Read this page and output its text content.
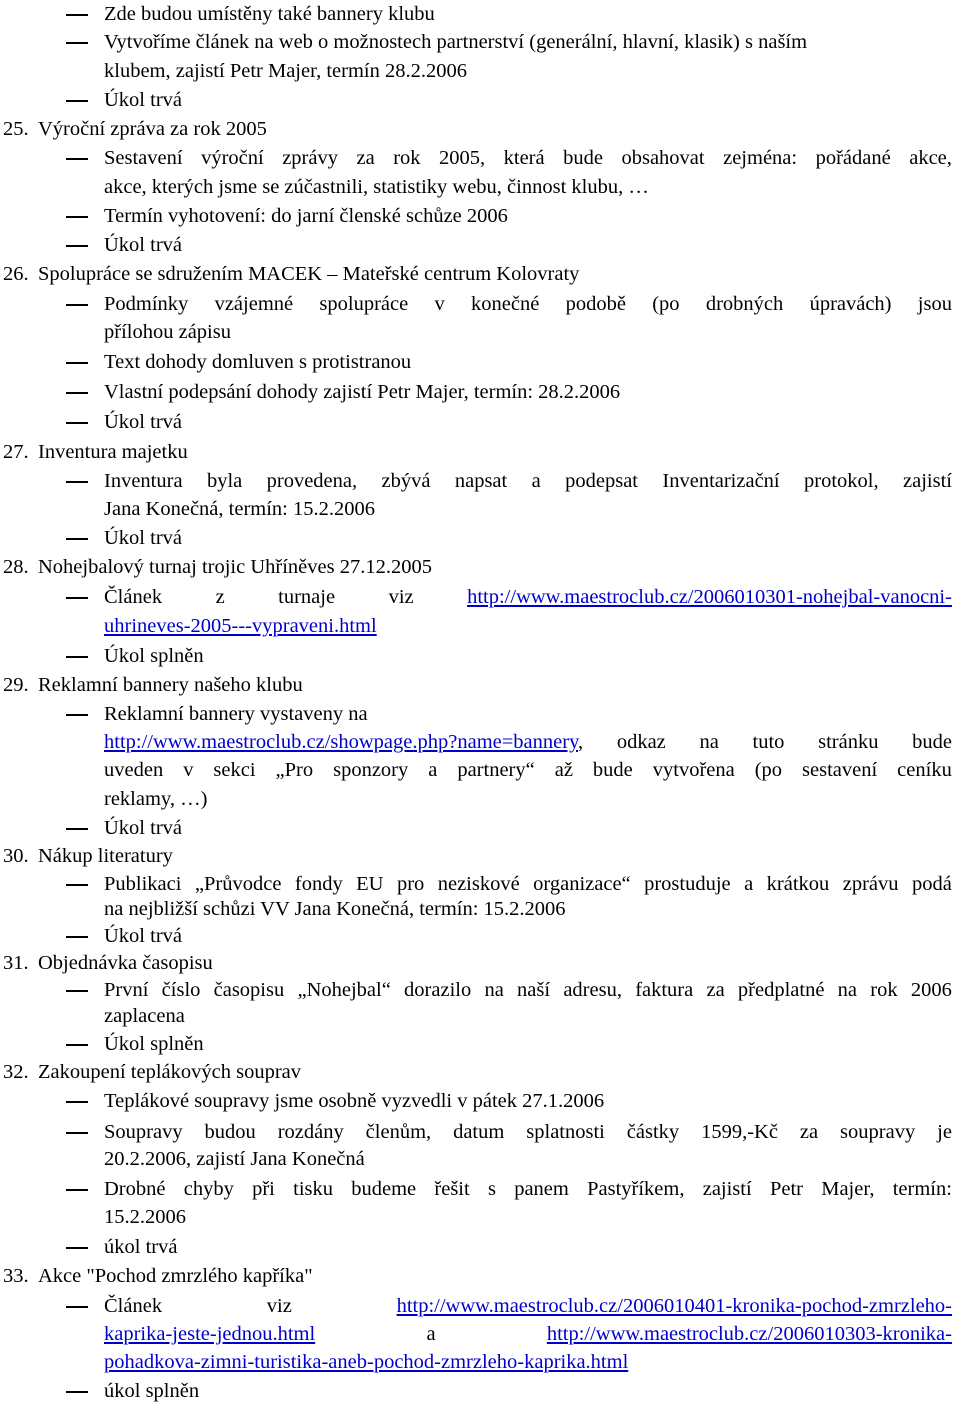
Zde budou umístěny také bannery klubu
Vytvoříme článek na web o možnostech partnerství (generální, hlavní, klasik) s naším
klubem, zajistí Petr Majer, termín 28.2.2006
Úkol trvá
25. Výroční zpráva za rok 2005
Sestavení výroční zprávy za rok 2005, která bude obsahovat zejména: pořádané akce,
akce, kterých jsme se zúčastnili, statistiky webu, činnost klubu, …
Termín vyhotovení: do jarní členské schůze 2006
Úkol trvá
26. Spolupráce se sdružením MACEK – Mateřské centrum Kolovraty
Podmínky vzájemné spolupráce v konečné podobě (po drobných úpravách) jsou
přílohou zápisu
Text dohody domluven s protistranou
Vlastní podepsání dohody zajistí Petr Majer, termín: 28.2.2006
Úkol trvá
27. Inventura majetku
Inventura byla provedena, zbývá napsat a podepsat Inventarizační protokol, zajistí
Jana Konečná, termín: 15.2.2006
Úkol trvá
28. Nohejbalový turnaj trojic Uhříněves 27.12.2005
Článek	z	turnaje	viz	http://www.maestroclub.cz/2006010301-nohejbal-vanocni-
uhrineves-2005---vypraveni.html
Úkol splněn
29. Reklamní bannery našeho klubu
Reklamní bannery vystaveny na
http://www.maestroclub.cz/showpage.php?name=bannery, odkaz na tuto stránku bude
uveden v sekci „Pro sponzory a partnery“ až bude vytvořena (po sestavení ceníku
reklamy, …)
Úkol trvá
30. Nákup literatury
Publikaci „Průvodce fondy EU pro neziskové organizace“ prostuduje a krátkou zprávu podá
na nejbližší schůzi VV Jana Konečná, termín: 15.2.2006
Úkol trvá
31. Objednávka časopisu
První číslo časopisu „Nohejbal“ dorazilo na naší adresu, faktura za předplatné na rok 2006
zaplacena
Úkol splněn
32. Zakoupení teplákových souprav
Teplákové soupravy jsme osobně vyzvedli v pátek 27.1.2006
Soupravy budou rozdány členům, datum splatnosti částky 1599,-Kč za soupravy je
20.2.2006, zajistí Jana Konečná
Drobné chyby při tisku budeme řešit s panem Pastyříkem, zajistí Petr Majer, termín:
15.2.2006
úkol trvá
33. Akce "Pochod zmrzlého kapříka"
Článek	viz	http://www.maestroclub.cz/2006010401-kronika-pochod-zmrzleho-
kaprika-jeste-jednou.html	a	http://www.maestroclub.cz/2006010303-kronika-
pohadkova-zimni-turistika-aneb-pochod-zmrzleho-kaprika.html
úkol splněn
